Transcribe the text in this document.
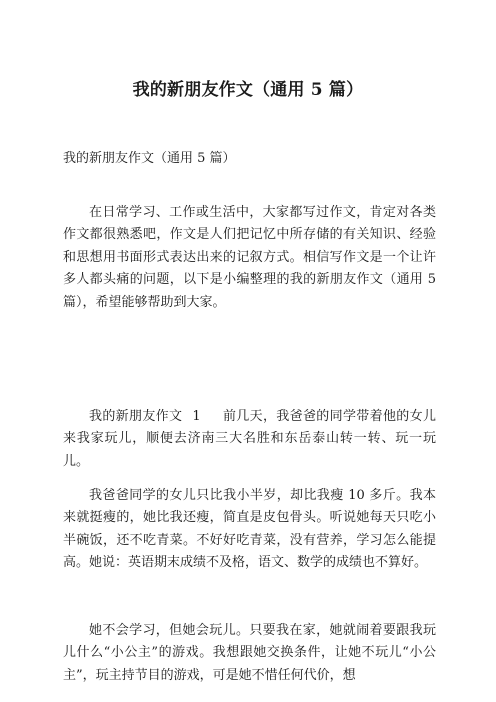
我的新朋友作文（通用 5 篇）

我的新朋友作文（通用 5 篇）

在日常学习、工作或生活中，大家都写过作文，肯定对各类作文都很熟悉吧，作文是人们把记忆中所存储的有关知识、经验和思想用书面形式表达出来的记叙方式。相信写作文是一个让许多人都头痛的问题，以下是小编整理的我的新朋友作文（通用 5 篇），希望能够帮助到大家。

我的新朋友作文 1 前几天，我爸爸的同学带着他的女儿来我家玩儿，顺便去济南三大名胜和东岳泰山转一转、玩一玩儿。

我爸爸同学的女儿只比我小半岁，却比我瘦 10 多斤。我本来就挺瘦的，她比我还瘦，简直是皮包骨头。听说她每天只吃小半碗饭，还不吃青菜。不好好吃青菜，没有营养，学习怎么能提高。她说：英语期末成绩不及格，语文、数学的成绩也不算好。

她不会学习，但她会玩儿。只要我在家，她就闹着要跟我玩儿什么“小公主”的游戏。我想跟她交换条件，让她不玩儿“小公主”，玩主持节目的游戏，可是她不惜任何代价，想
